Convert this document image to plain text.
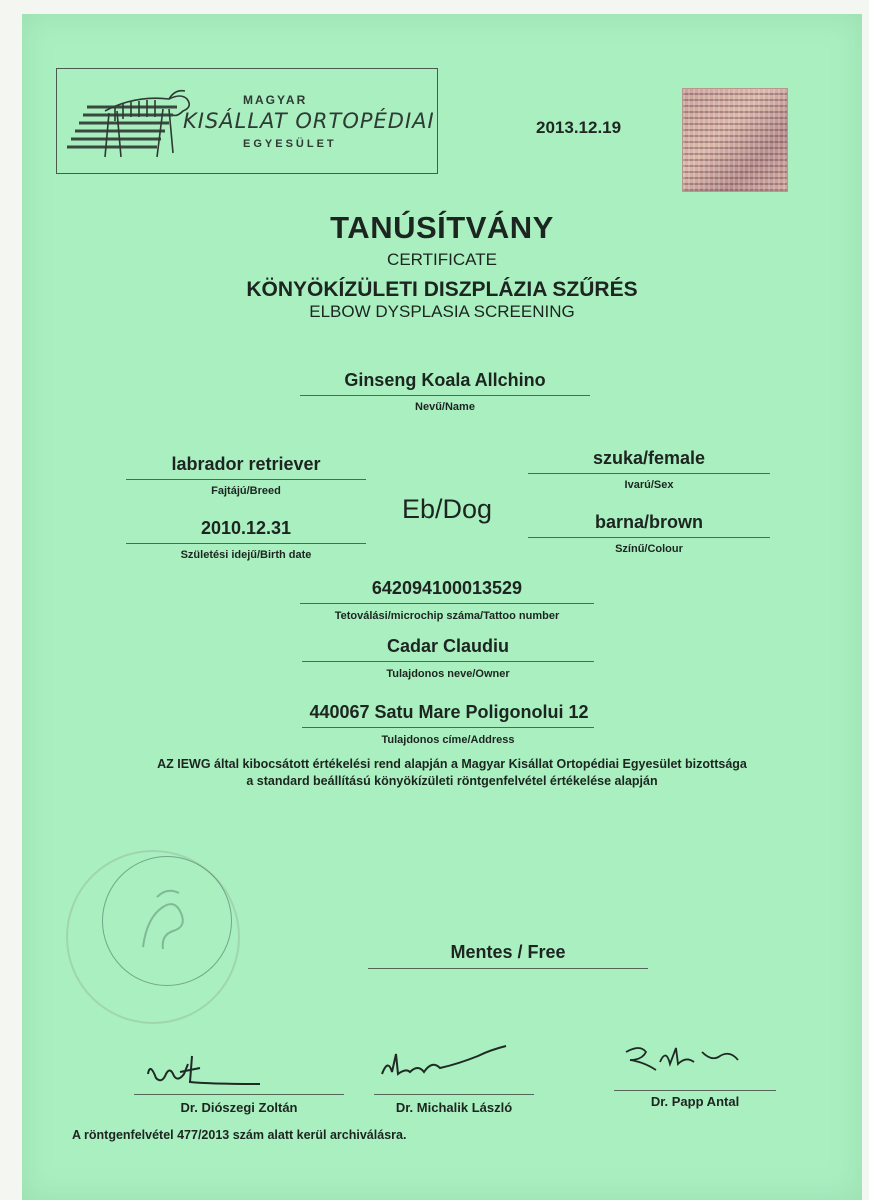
MAGYAR
KISÁLLAT ORTOPÉDIAI
EGYESÜLET
2013.12.19
TANÚSÍTVÁNY
CERTIFICATE
KÖNYÖKÍZÜLETI DISZPLÁZIA SZŰRÉS
ELBOW DYSPLASIA SCREENING
Ginseng Koala Allchino
Nevű/Name
labrador retriever
Fajtájú/Breed
szuka/female
Ivarú/Sex
Eb/Dog
2010.12.31
Születési idejű/Birth date
barna/brown
Színű/Colour
642094100013529
Tetoválási/microchip száma/Tattoo number
Cadar Claudiu
Tulajdonos neve/Owner
440067 Satu Mare Poligonolui 12
Tulajdonos címe/Address
AZ IEWG által kibocsátott értékelési rend alapján a Magyar Kisállat Ortopédiai Egyesület bizottsága
a standard beállítású könyökízületi röntgenfelvétel értékelése alapján
Mentes / Free
Dr. Diószegi Zoltán	Dr. Michalik László	Dr. Papp Antal
A röntgenfelvétel 477/2013 szám alatt kerül archiválásra.
